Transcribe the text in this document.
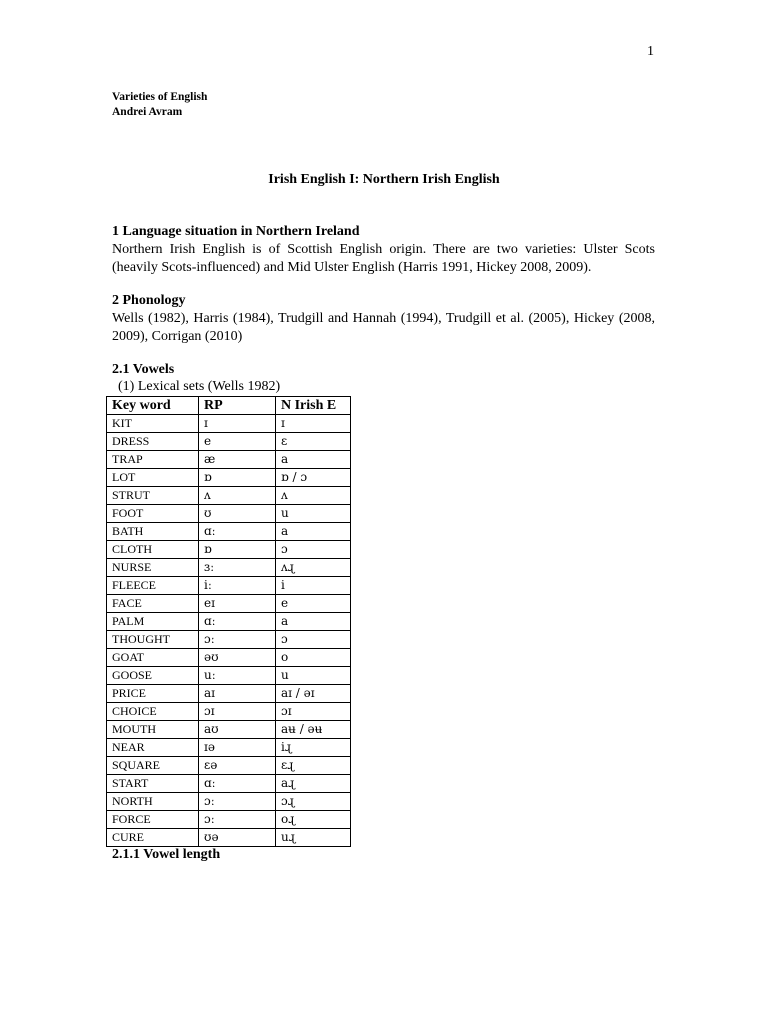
1
Varieties of English
Andrei Avram
Irish English I: Northern Irish English
1 Language situation in Northern Ireland

Northern Irish English is of Scottish English origin. There are two varieties: Ulster Scots (heavily Scots-influenced) and Mid Ulster English (Harris 1991, Hickey 2008, 2009).

2 Phonology

Wells (1982), Harris (1984), Trudgill and Hannah (1994), Trudgill et al. (2005), Hickey (2008, 2009), Corrigan (2010)

2.1 Vowels
(1) Lexical sets (Wells 1982)
Key word	RP	N Irish E
KIT	ɪ	ɪ
DRESS	e	ɛ
TRAP	æ	a
LOT	ɒ	ɒ / ɔ
STRUT	ʌ	ʌ
FOOT	ʊ	u
BATH	ɑː	a
CLOTH	ɒ	ɔ
NURSE	ɜː	ʌɻ
FLEECE	iː	i
FACE	eɪ	e
PALM	ɑː	a
THOUGHT	ɔː	ɔ
GOAT	əʊ	o
GOOSE	uː	u
PRICE	aɪ	aɪ / əɪ
CHOICE	ɔɪ	ɔɪ
MOUTH	aʊ	aʉ / əʉ
NEAR	ɪə	iɻ
SQUARE	ɛə	ɛɻ
START	ɑː	aɻ
NORTH	ɔː	ɔɻ
FORCE	ɔː	oɻ
CURE	ʊə	uɻ
2.1.1 Vowel length
